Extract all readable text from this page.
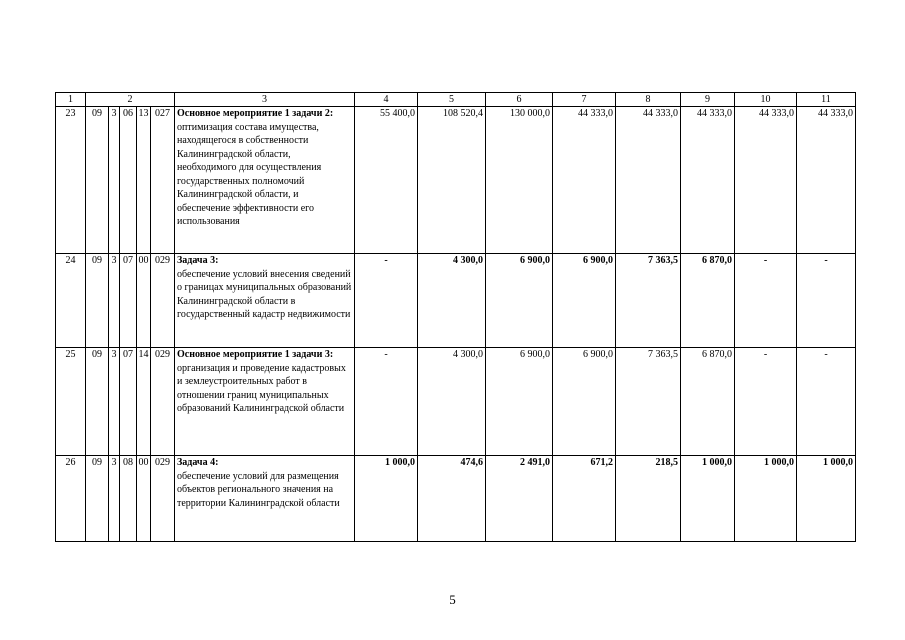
1	2					3	4	5	6	7	8	9	10	11
23	09	3	06	13	027	Основное мероприятие 1 задачи 2:
оптимизация состава имущества, находящегося в собственности Калининградской области, необходимого для осуществления государственных полномочий Калининградской области, и обеспечение эффективности его использования	55 400,0	108 520,4	130 000,0	44 333,0	44 333,0	44 333,0	44 333,0	44 333,0
24	09	3	07	00	029	Задача 3:
обеспечение условий внесения сведений о границах муниципальных образований Калининградской области в государственный кадастр недвижимости	-	4 300,0	6 900,0	6 900,0	7 363,5	6 870,0	-	-
25	09	3	07	14	029	Основное мероприятие 1 задачи 3:
организация и проведение кадастровых и землеустроительных работ в отношении границ муниципальных образований Калининградской области	-	4 300,0	6 900,0	6 900,0	7 363,5	6 870,0	-	-
26	09	3	08	00	029	Задача 4:
обеспечение условий для размещения объектов регионального значения на территории Калининградской области	1 000,0	474,6	2 491,0	671,2	218,5	1 000,0	1 000,0	1 000,0
5
